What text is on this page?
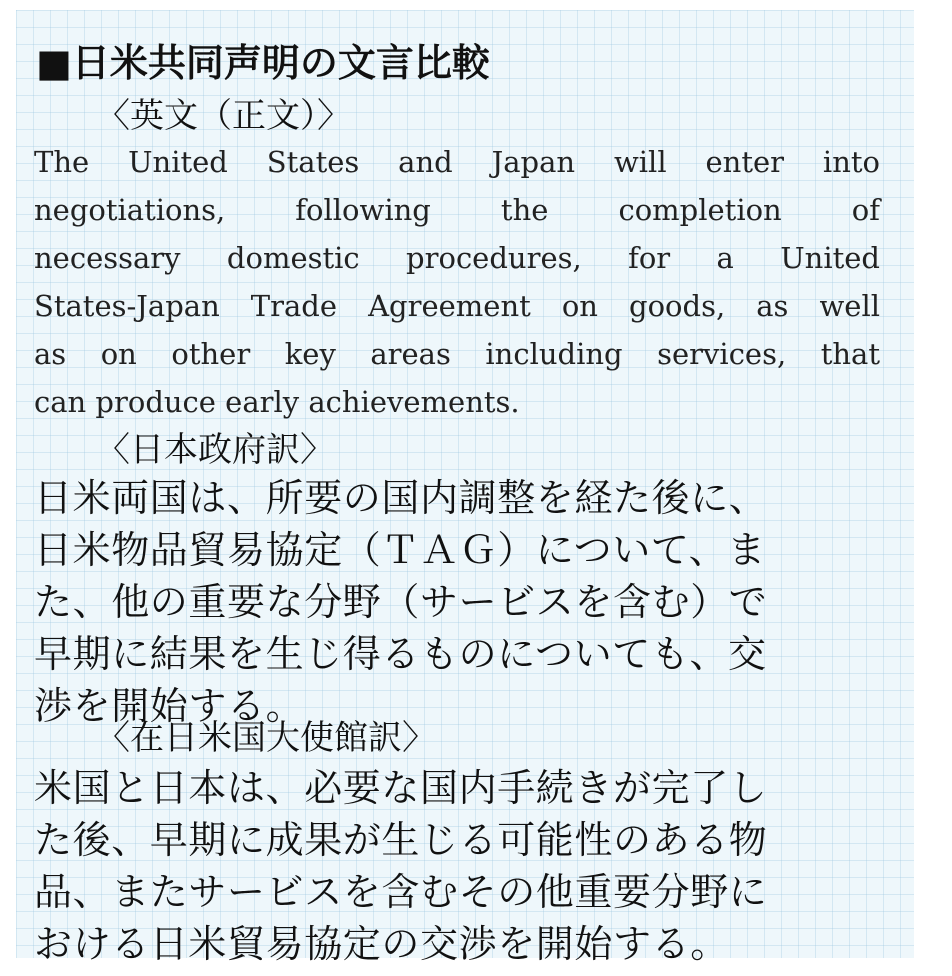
■日米共同声明の文言比較
〈英文（正文）〉
The United States and Japan will enter into
negotiations, following the completion of
necessary domestic procedures, for a United
States-Japan Trade Agreement on goods, as well
as on other key areas including services, that
can produce early achievements.
〈日本政府訳〉
日米両国は、所要の国内調整を経た後に、
日米物品貿易協定（ＴＡＧ）について、ま
た、他の重要な分野（サービスを含む）で
早期に結果を生じ得るものについても、交
渉を開始する。
〈在日米国大使館訳〉
米国と日本は、必要な国内手続きが完了し
た後、早期に成果が生じる可能性のある物
品、またサービスを含むその他重要分野に
おける日米貿易協定の交渉を開始する。
